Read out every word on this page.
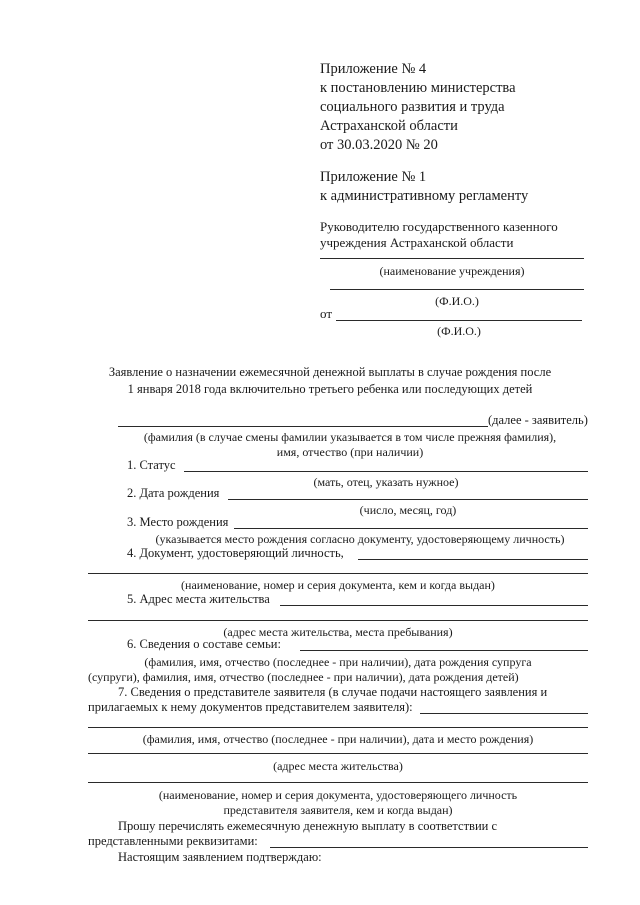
Приложение № 4
к постановлению министерства
социального развития и труда
Астраханской области
от 30.03.2020 № 20
Приложение № 1
к административному регламенту
Руководителю государственного казенного
учреждения Астраханской области
(наименование учреждения)
(Ф.И.О.)
от
(Ф.И.О.)
Заявление о назначении ежемесячной денежной выплаты в случае рождения после
1 января 2018 года включительно третьего ребенка или последующих детей
(далее - заявитель)
(фамилия (в случае смены фамилии указывается в том числе прежняя фамилия),
имя, отчество (при наличии)
1. Статус
(мать, отец, указать нужное)
2. Дата рождения
(число, месяц, год)
3. Место рождения
(указывается место рождения согласно документу, удостоверяющему личность)
4. Документ, удостоверяющий личность,
(наименование, номер и серия документа, кем и когда выдан)
5. Адрес места жительства
(адрес места жительства, места пребывания)
6. Сведения о составе семьи:
(фамилия, имя, отчество (последнее - при наличии), дата рождения супруга
(супруги), фамилия, имя, отчество (последнее - при наличии), дата рождения детей)
7. Сведения о представителе заявителя (в случае подачи настоящего заявления и
прилагаемых к нему документов представителем заявителя):
(фамилия, имя, отчество (последнее - при наличии), дата и место рождения)
(адрес места жительства)
(наименование, номер и серия документа, удостоверяющего личность
представителя заявителя, кем и когда выдан)
Прошу перечислять ежемесячную денежную выплату в соответствии с
представленными реквизитами:
Настоящим заявлением подтверждаю:
